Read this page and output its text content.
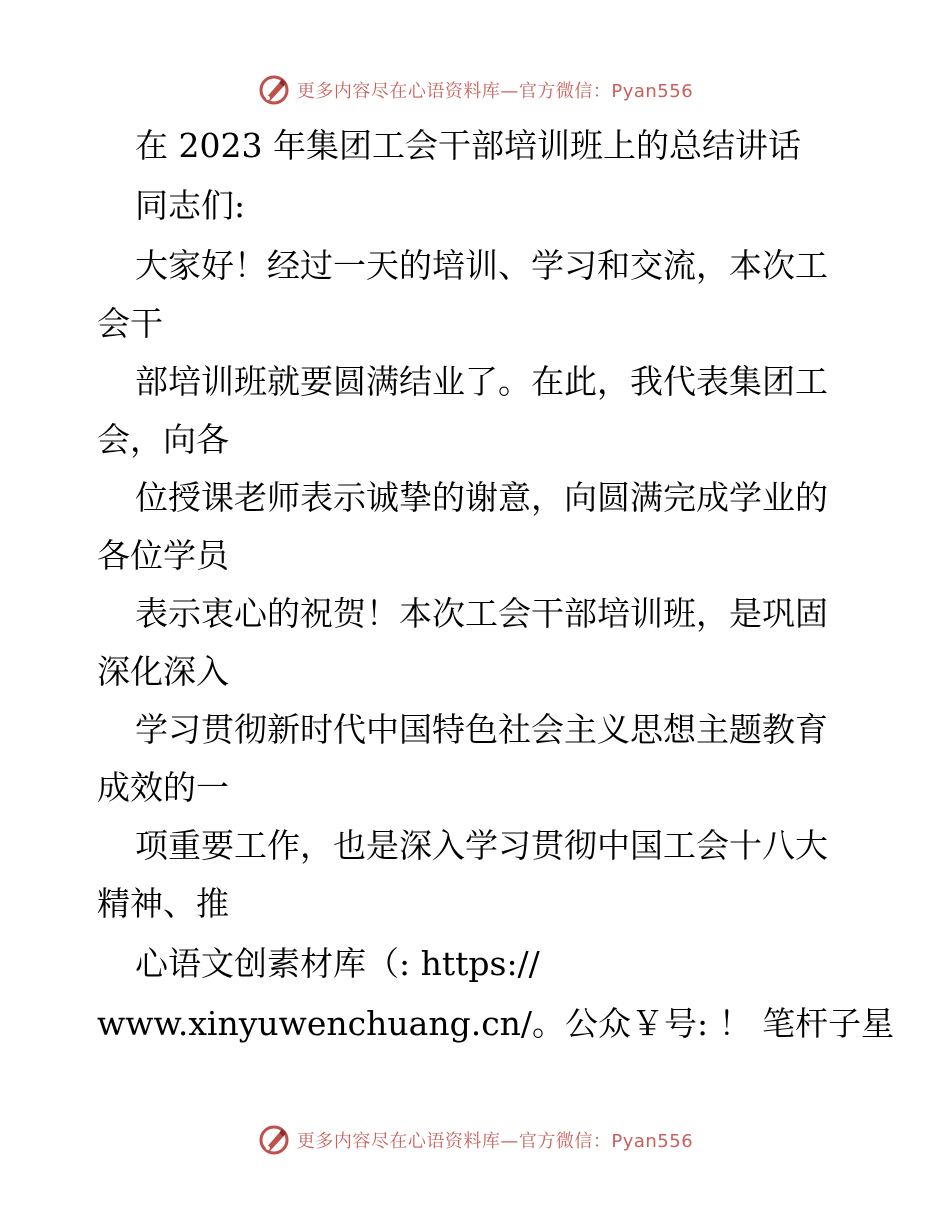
更多内容尽在心语资料库—官方微信：Pyan556
在 2023 年集团工会干部培训班上的总结讲话
同志们:
大家好！经过一天的培训、学习和交流，本次工
会干
部培训班就要圆满结业了。在此，我代表集团工
会，向各
位授课老师表示诚挚的谢意，向圆满完成学业的
各位学员
表示衷心的祝贺！本次工会干部培训班，是巩固
深化深入
学习贯彻新时代中国特色社会主义思想主题教育
成效的一
项重要工作，也是深入学习贯彻中国工会十八大
精神、推
心语文创素材库（: https://
www.xinyuwenchuang.cn/。公众￥号: ！ 笔杆子星
更多内容尽在心语资料库—官方微信：Pyan556
